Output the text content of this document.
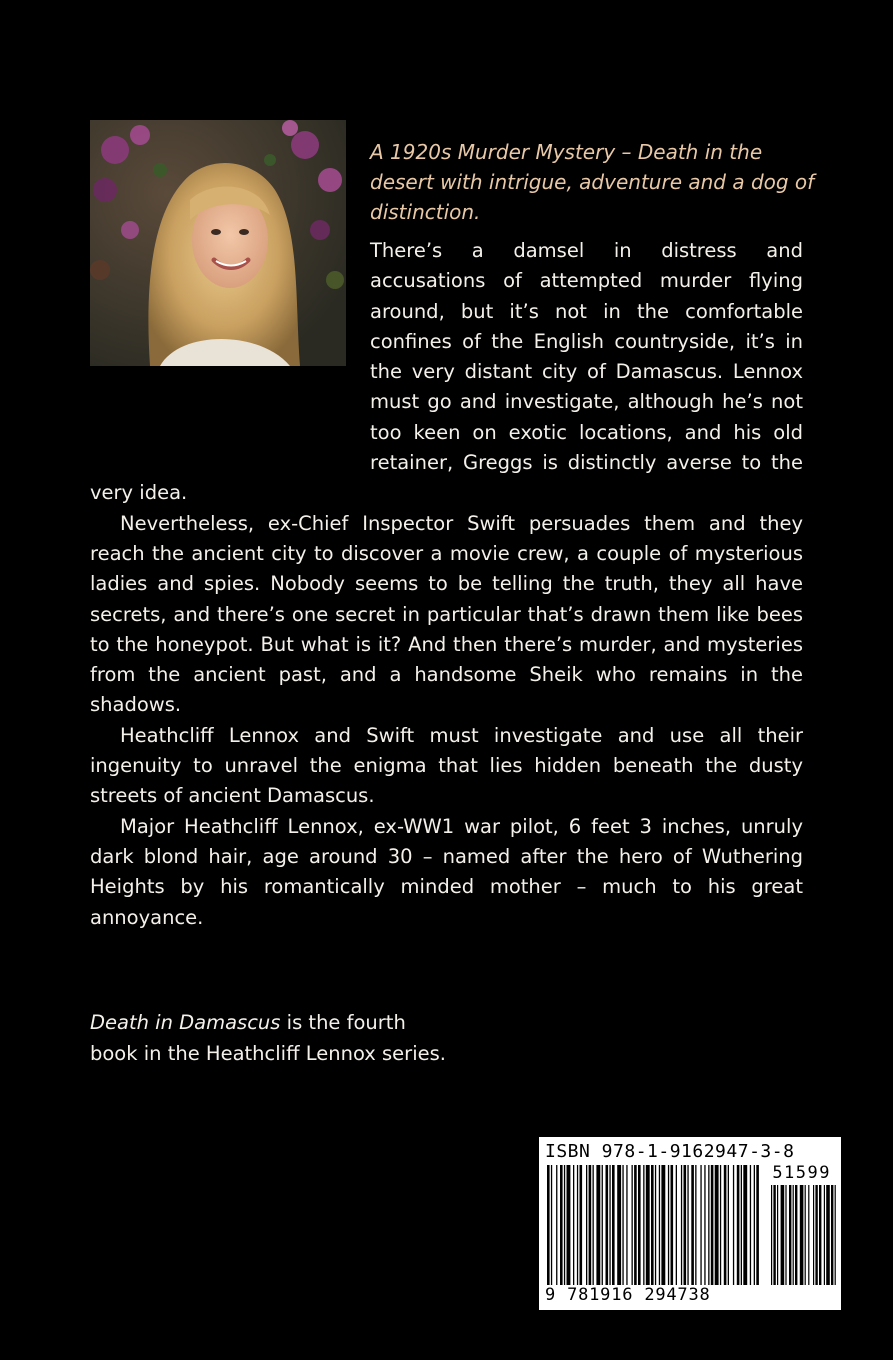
A 1920s Murder Mystery – Death in the desert with intrigue, adventure and a dog of distinction.

There’s a damsel in distress and accusations of attempted murder flying around, but it’s not in the comfortable confines of the English countryside, it’s in the very distant city of Damascus. Lennox must go and investigate, although he’s not too keen on exotic locations, and his old retainer, Greggs is distinctly averse to the very idea.

Nevertheless, ex-Chief Inspector Swift persuades them and they reach the ancient city to discover a movie crew, a couple of mysterious ladies and spies. Nobody seems to be telling the truth, they all have secrets, and there’s one secret in particular that’s drawn them like bees to the honeypot. But what is it? And then there’s murder, and mysteries from the ancient past, and a handsome Sheik who remains in the shadows.

Heathcliff Lennox and Swift must investigate and use all their ingenuity to unravel the enigma that lies hidden beneath the dusty streets of ancient Damascus.

Major Heathcliff Lennox, ex-WW1 war pilot, 6 feet 3 inches, unruly dark blond hair, age around 30 – named after the hero of Wuthering Heights by his romantically minded mother – much to his great annoyance.

Death in Damascus is the fourth
book in the Heathcliff Lennox series.

ISBN 978-1-9162947-3-8
51599
9 781916 294738
